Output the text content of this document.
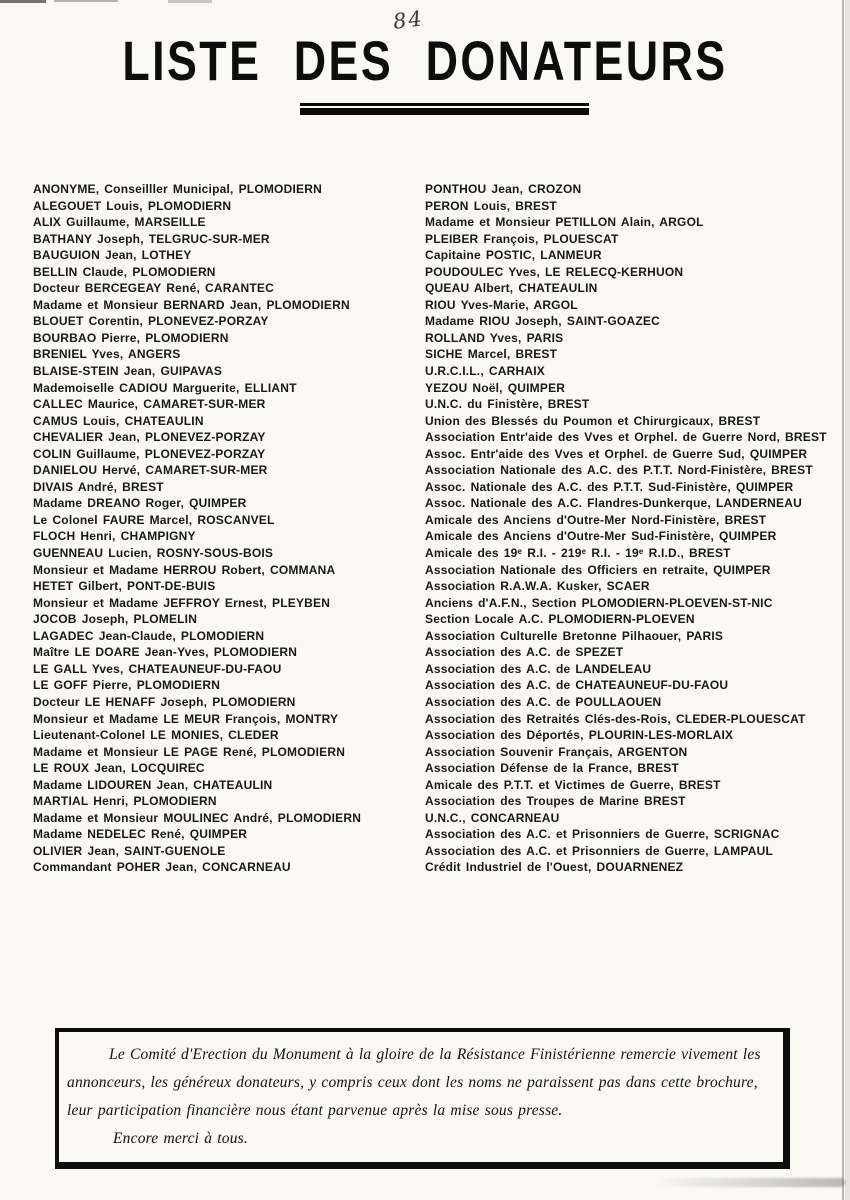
84
LISTE DES DONATEURS
ANONYME, Conseilller Municipal, PLOMODIERN
ALEGOUET Louis, PLOMODIERN
ALIX Guillaume, MARSEILLE
BATHANY Joseph, TELGRUC-SUR-MER
BAUGUION Jean, LOTHEY
BELLIN Claude, PLOMODIERN
Docteur BERCEGEAY René, CARANTEC
Madame et Monsieur BERNARD Jean, PLOMODIERN
BLOUET Corentin, PLONEVEZ-PORZAY
BOURBAO Pierre, PLOMODIERN
BRENIEL Yves, ANGERS
BLAISE-STEIN Jean, GUIPAVAS
Mademoiselle CADIOU Marguerite, ELLIANT
CALLEC Maurice, CAMARET-SUR-MER
CAMUS Louis, CHATEAULIN
CHEVALIER Jean, PLONEVEZ-PORZAY
COLIN Guillaume, PLONEVEZ-PORZAY
DANIELOU Hervé, CAMARET-SUR-MER
DIVAIS André, BREST
Madame DREANO Roger, QUIMPER
Le Colonel FAURE Marcel, ROSCANVEL
FLOCH Henri, CHAMPIGNY
GUENNEAU Lucien, ROSNY-SOUS-BOIS
Monsieur et Madame HERROU Robert, COMMANA
HETET Gilbert, PONT-DE-BUIS
Monsieur et Madame JEFFROY Ernest, PLEYBEN
JOCOB Joseph, PLOMELIN
LAGADEC Jean-Claude, PLOMODIERN
Maître LE DOARE Jean-Yves, PLOMODIERN
LE GALL Yves, CHATEAUNEUF-DU-FAOU
LE GOFF Pierre, PLOMODIERN
Docteur LE HENAFF Joseph, PLOMODIERN
Monsieur et Madame LE MEUR François, MONTRY
Lieutenant-Colonel LE MONIES, CLEDER
Madame et Monsieur LE PAGE René, PLOMODIERN
LE ROUX Jean, LOCQUIREC
Madame LIDOUREN Jean, CHATEAULIN
MARTIAL Henri, PLOMODIERN
Madame et Monsieur MOULINEC André, PLOMODIERN
Madame NEDELEC René, QUIMPER
OLIVIER Jean, SAINT-GUENOLE
Commandant POHER Jean, CONCARNEAU
PONTHOU Jean, CROZON
PERON Louis, BREST
Madame et Monsieur PETILLON Alain, ARGOL
PLEIBER François, PLOUESCAT
Capitaine POSTIC, LANMEUR
POUDOULEC Yves, LE RELECQ-KERHUON
QUEAU Albert, CHATEAULIN
RIOU Yves-Marie, ARGOL
Madame RIOU Joseph, SAINT-GOAZEC
ROLLAND Yves, PARIS
SICHE Marcel, BREST
U.R.C.I.L., CARHAIX
YEZOU Noël, QUIMPER
U.N.C. du Finistère, BREST
Union des Blessés du Poumon et Chirurgicaux, BREST
Association Entr'aide des Vves et Orphel. de Guerre Nord, BREST
Assoc. Entr'aide des Vves et Orphel. de Guerre Sud, QUIMPER
Association Nationale des A.C. des P.T.T. Nord-Finistère, BREST
Assoc. Nationale des A.C. des P.T.T. Sud-Finistère, QUIMPER
Assoc. Nationale des A.C. Flandres-Dunkerque, LANDERNEAU
Amicale des Anciens d'Outre-Mer Nord-Finistère, BREST
Amicale des Anciens d'Outre-Mer Sud-Finistère, QUIMPER
Amicale des 19ᵉ R.I. - 219ᵉ R.I. - 19ᵉ R.I.D., BREST
Association Nationale des Officiers en retraite, QUIMPER
Association R.A.W.A. Kusker, SCAER
Anciens d'A.F.N., Section PLOMODIERN-PLOEVEN-ST-NIC
Section Locale A.C. PLOMODIERN-PLOEVEN
Association Culturelle Bretonne Pilhaouer, PARIS
Association des A.C. de SPEZET
Association des A.C. de LANDELEAU
Association des A.C. de CHATEAUNEUF-DU-FAOU
Association des A.C. de POULLAOUEN
Association des Retraités Clés-des-Rois, CLEDER-PLOUESCAT
Association des Déportés, PLOURIN-LES-MORLAIX
Association Souvenir Français, ARGENTON
Association Défense de la France, BREST
Amicale des P.T.T. et Victimes de Guerre, BREST
Association des Troupes de Marine BREST
U.N.C., CONCARNEAU
Association des A.C. et Prisonniers de Guerre, SCRIGNAC
Association des A.C. et Prisonniers de Guerre, LAMPAUL
Crédit Industriel de l'Ouest, DOUARNENEZ

Le Comité d'Erection du Monument à la gloire de la Résistance Finistérienne remercie vivement les annonceurs, les généreux donateurs, y compris ceux dont les noms ne paraissent pas dans cette brochure, leur participation financière nous étant parvenue après la mise sous presse.

Encore merci à tous.
